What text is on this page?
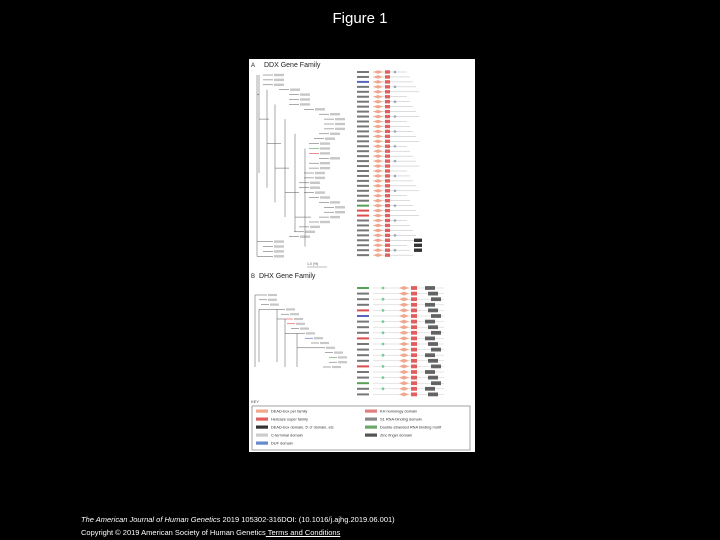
Figure 1
A DDX Gene Family
1.0 (%)
B DHX Gene Family
KEY
DEAD-box per family
Helicase super family
DEAD-box domain, 5'-3' domain, etc
C-terminal domain
DUF domain
KH homology domain
S1 RNA-binding domain
Double-stranded RNA binding motif
Zinc finger domain
The American Journal of Human Genetics 2019 105302-316DOI: (10.1016/j.ajhg.2019.06.001)
Copyright © 2019 American Society of Human Genetics Terms and Conditions
